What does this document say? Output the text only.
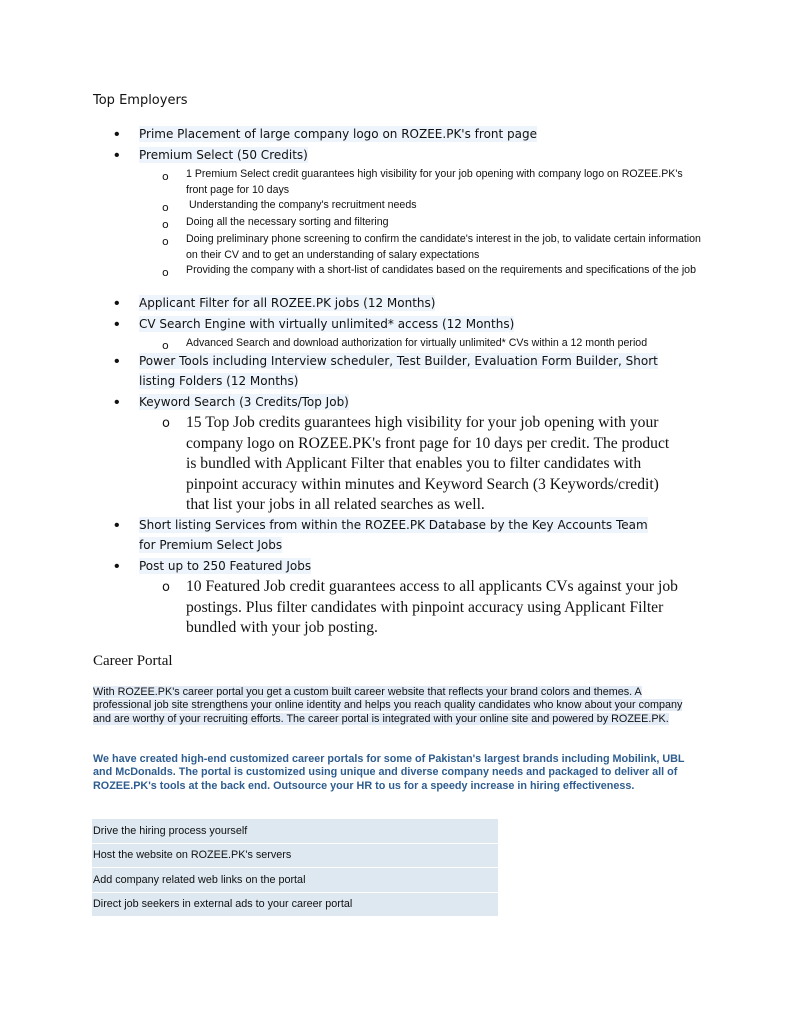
Top Employers
• Prime Placement of large company logo on ROZEE.PK's front page
• Premium Select (50 Credits)
o 1 Premium Select credit guarantees high visibility for your job opening with company logo on ROZEE.PK's front page for 10 days
o Understanding the company's recruitment needs
o Doing all the necessary sorting and filtering
o Doing preliminary phone screening to confirm the candidate's interest in the job, to validate certain information on their CV and to get an understanding of salary expectations
o Providing the company with a short-list of candidates based on the requirements and specifications of the job
• Applicant Filter for all ROZEE.PK jobs (12 Months)
• CV Search Engine with virtually unlimited* access (12 Months)
o Advanced Search and download authorization for virtually unlimited* CVs within a 12 month period
• Power Tools including Interview scheduler, Test Builder, Evaluation Form Builder, Short listing Folders (12 Months)
• Keyword Search (3 Credits/Top Job)
o 15 Top Job credits guarantees high visibility for your job opening with your company logo on ROZEE.PK's front page for 10 days per credit. The product is bundled with Applicant Filter that enables you to filter candidates with pinpoint accuracy within minutes and Keyword Search (3 Keywords/credit) that list your jobs in all related searches as well.
• Short listing Services from within the ROZEE.PK Database by the Key Accounts Team for Premium Select Jobs
• Post up to 250 Featured Jobs
o 10 Featured Job credit guarantees access to all applicants CVs against your job postings. Plus filter candidates with pinpoint accuracy using Applicant Filter bundled with your job posting.
Career Portal
With ROZEE.PK's career portal you get a custom built career website that reflects your brand colors and themes. A professional job site strengthens your online identity and helps you reach quality candidates who know about your company and are worthy of your recruiting efforts. The career portal is integrated with your online site and powered by ROZEE.PK.
We have created high-end customized career portals for some of Pakistan's largest brands including Mobilink, UBL and McDonalds. The portal is customized using unique and diverse company needs and packaged to deliver all of ROZEE.PK's tools at the back end. Outsource your HR to us for a speedy increase in hiring effectiveness.
Drive the hiring process yourself
Host the website on ROZEE.PK's servers
Add company related web links on the portal
Direct job seekers in external ads to your career portal
